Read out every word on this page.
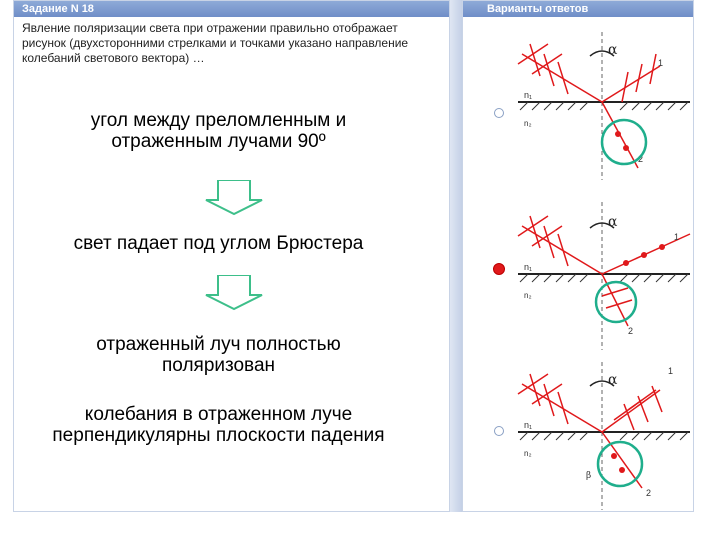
Задание N 18
Явление поляризации света при отражении правильно отображает рисунок (двухсторонними стрелками и точками указано направление колебаний светового вектора) …
угол между преломленным и
отраженным лучами 90º
свет падает под углом Брюстера
отраженный луч полностью
поляризован
колебания в отраженном луче
перпендикулярны плоскости падения
Варианты ответов
α
n₁
n₂
1
2
α
n₁
n₂
1
2
α
n₁
n₂
1
2
β
